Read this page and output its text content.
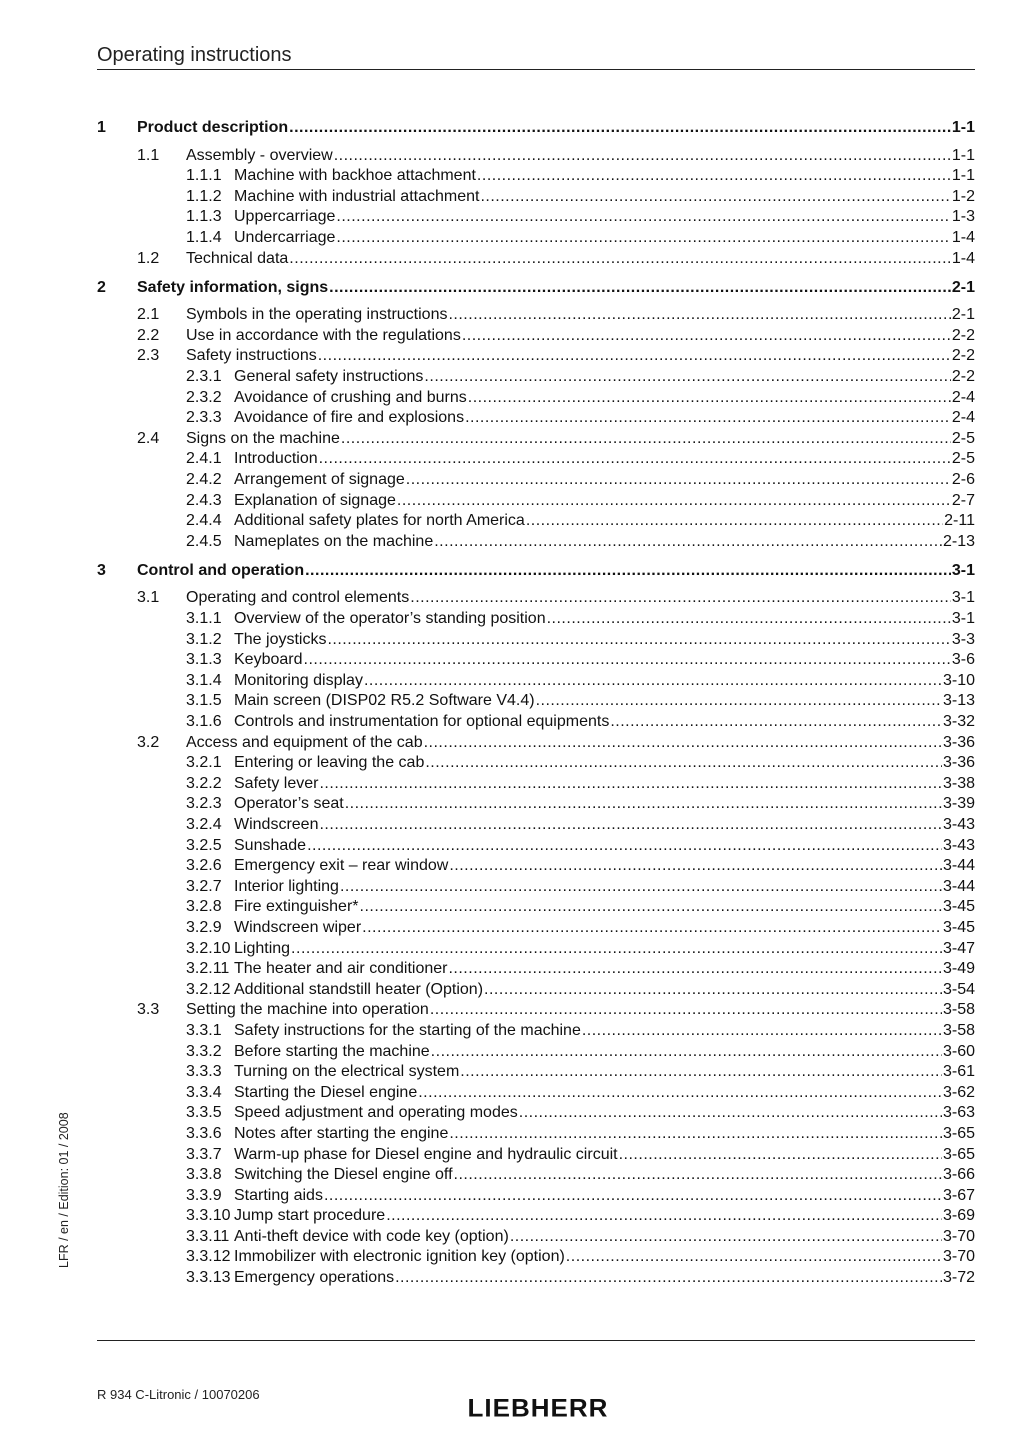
Operating instructions
1	Product description .....	1-1
1.1	Assembly - overview .....	1-1
1.1.1 Machine with backhoe attachment .....	1-1
1.1.2 Machine with industrial attachment .....	1-2
1.1.3 Uppercarriage .....	1-3
1.1.4 Undercarriage .....	1-4
1.2	Technical data .....	1-4
2	Safety information, signs .....	2-1
2.1	Symbols in the operating instructions .....	2-1
2.2	Use in accordance with the regulations .....	2-2
2.3	Safety instructions .....	2-2
2.3.1 General safety instructions .....	2-2
2.3.2 Avoidance of crushing and burns .....	2-4
2.3.3 Avoidance of fire and explosions .....	2-4
2.4	Signs on the machine .....	2-5
2.4.1 Introduction .....	2-5
2.4.2 Arrangement of signage .....	2-6
2.4.3 Explanation of signage .....	2-7
2.4.4 Additional safety plates for north America .....	2-11
2.4.5 Nameplates on the machine .....	2-13
3	Control and operation .....	3-1
3.1	Operating and control elements .....	3-1
3.1.1 Overview of the operator’s standing position .....	3-1
3.1.2 The joysticks .....	3-3
3.1.3 Keyboard .....	3-6
3.1.4 Monitoring display .....	3-10
3.1.5 Main screen (DISP02 R5.2 Software V4.4) .....	3-13
3.1.6 Controls and instrumentation for optional equipments .....	3-32
3.2	Access and equipment of the cab .....	3-36
3.2.1 Entering or leaving the cab .....	3-36
3.2.2 Safety lever .....	3-38
3.2.3 Operator’s seat .....	3-39
3.2.4 Windscreen .....	3-43
3.2.5 Sunshade .....	3-43
3.2.6 Emergency exit – rear window .....	3-44
3.2.7 Interior lighting .....	3-44
3.2.8 Fire extinguisher* .....	3-45
3.2.9 Windscreen wiper .....	3-45
3.2.10 Lighting .....	3-47
3.2.11 The heater and air conditioner .....	3-49
3.2.12 Additional standstill heater (Option) .....	3-54
3.3	Setting the machine into operation .....	3-58
3.3.1 Safety instructions for the starting of the machine .....	3-58
3.3.2 Before starting the machine .....	3-60
3.3.3 Turning on the electrical system .....	3-61
3.3.4 Starting the Diesel engine .....	3-62
3.3.5 Speed adjustment and operating modes .....	3-63
3.3.6 Notes after starting the engine .....	3-65
3.3.7 Warm-up phase for Diesel engine and hydraulic circuit .....	3-65
3.3.8 Switching the Diesel engine off .....	3-66
3.3.9 Starting aids .....	3-67
3.3.10 Jump start procedure .....	3-69
3.3.11 Anti-theft device with code key (option) .....	3-70
3.3.12 Immobilizer with electronic ignition key (option) .....	3-70
3.3.13 Emergency operations .....	3-72
LFR / en / Edition: 01 / 2008
R 934 C-Litronic / 10070206	LIEBHERR
